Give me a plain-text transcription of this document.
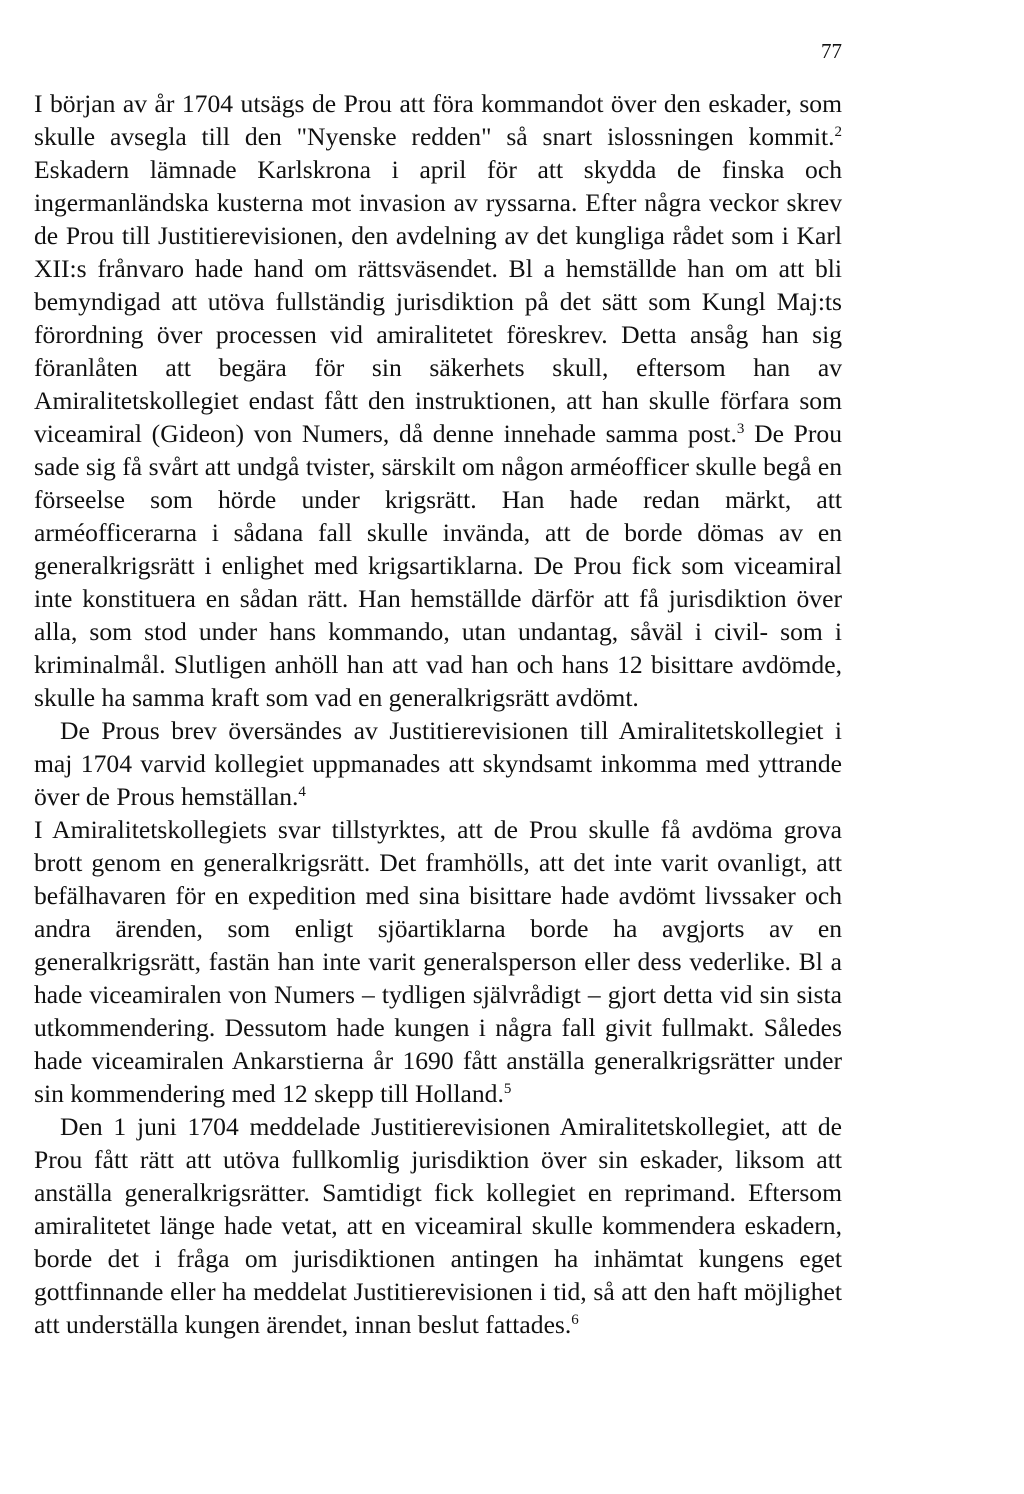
77

I början av år 1704 utsägs de Prou att föra kommandot över den eskader, som skulle avsegla till den "Nyenske redden" så snart islossningen kommit.$^2$ Eskadern lämnade Karlskrona i april för att skydda de finska och ingermanländska kusterna mot invasion av ryssarna. Efter några veckor skrev de Prou till Justitierevisionen, den avdelning av det kungliga rådet som i Karl XII:s frånvaro hade hand om rättsväsendet. Bl a hemställde han om att bli bemyndigad att utöva fullständig jurisdiktion på det sätt som Kungl Maj:ts förordning över processen vid amiralitetet föreskrev. Detta ansåg han sig föranlåten att begära för sin säkerhets skull, eftersom han av Amiralitetskollegiet endast fått den instruktionen, att han skulle förfara som viceamiral (Gideon) von Numers, då denne innehade samma post.$^3$ De Prou sade sig få svårt att undgå tvister, särskilt om någon arméofficer skulle begå en förseelse som hörde under krigsrätt. Han hade redan märkt, att arméofficerarna i sådana fall skulle invända, att de borde dömas av en generalkrigsrätt i enlighet med krigsartiklarna. De Prou fick som viceamiral inte konstituera en sådan rätt. Han hemställde därför att få jurisdiktion över alla, som stod under hans kommando, utan undantag, såväl i civil- som i kriminalmål. Slutligen anhöll han att vad han och hans 12 bisittare avdömde, skulle ha samma kraft som vad en generalkrigsrätt avdömt.

De Prous brev översändes av Justitierevisionen till Amiralitetskollegiet i maj 1704 varvid kollegiet uppmanades att skyndsamt inkomma med yttrande över de Prous hemställan.$^4$

I Amiralitetskollegiets svar tillstyrktes, att de Prou skulle få avdöma grova brott genom en generalkrigsrätt. Det framhölls, att det inte varit ovanligt, att befälhavaren för en expedition med sina bisittare hade avdömt livssaker och andra ärenden, som enligt sjöartiklarna borde ha avgjorts av en generalkrigsrätt, fastän han inte varit generalsperson eller dess vederlike. Bl a hade viceamiralen von Numers – tydligen självrådigt – gjort detta vid sin sista utkommendering. Dessutom hade kungen i några fall givit fullmakt. Således hade viceamiralen Ankarstierna år 1690 fått anställa generalkrigsrätter under sin kommendering med 12 skepp till Holland.$^5$

Den 1 juni 1704 meddelade Justitierevisionen Amiralitetskollegiet, att de Prou fått rätt att utöva fullkomlig jurisdiktion över sin eskader, liksom att anställa generalkrigsrätter. Samtidigt fick kollegiet en reprimand. Eftersom amiralitetet länge hade vetat, att en viceamiral skulle kommendera eskadern, borde det i fråga om jurisdiktionen antingen ha inhämtat kungens eget gottfinnande eller ha meddelat Justitierevisionen i tid, så att den haft möjlighet att underställa kungen ärendet, innan beslut fattades.$^6$
